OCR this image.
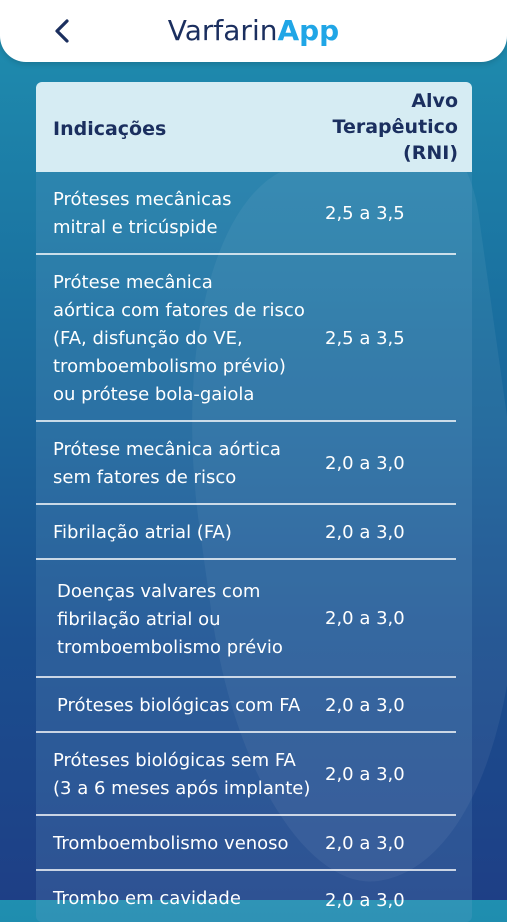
VarfarinApp
Indicações
Alvo
Terapêutico
(RNI)
Próteses mecânicas
mitral e tricúspide
2,5 a 3,5
Prótese mecânica
aórtica com fatores de risco
(FA, disfunção do VE,
tromboembolismo prévio)
ou prótese bola-gaiola
2,5 a 3,5
Prótese mecânica aórtica
sem fatores de risco
2,0 a 3,0
Fibrilação atrial (FA)	2,0 a 3,0
Doenças valvares com
fibrilação atrial ou
tromboembolismo prévio
2,0 a 3,0
Próteses biológicas com FA	2,0 a 3,0
Próteses biológicas sem FA
(3 a 6 meses após implante)
2,0 a 3,0
Tromboembolismo venoso	2,0 a 3,0
Trombo em cavidade	2,0 a 3,0
